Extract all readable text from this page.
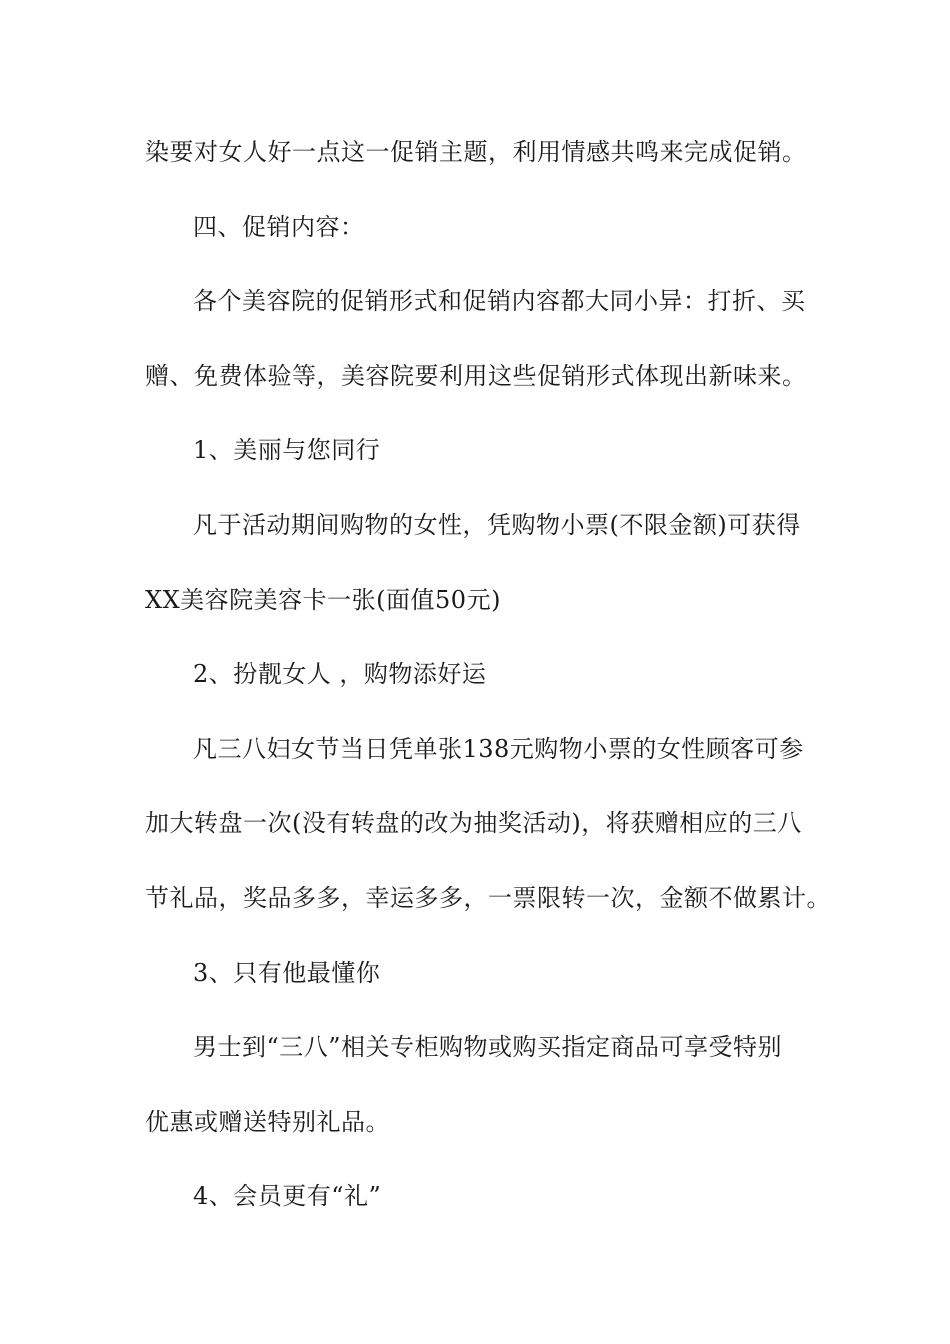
染要对女人好一点这一促销主题，利用情感共鸣来完成促销。

四、促销内容：

各个美容院的促销形式和促销内容都大同小异：打折、买

赠、免费体验等，美容院要利用这些促销形式体现出新味来。

1、美丽与您同行

凡于活动期间购物的女性，凭购物小票(不限金额)可获得

XX美容院美容卡一张(面值50元)

2、扮靓女人 ，购物添好运

凡三八妇女节当日凭单张138元购物小票的女性顾客可参

加大转盘一次(没有转盘的改为抽奖活动)，将获赠相应的三八

节礼品，奖品多多，幸运多多，一票限转一次，金额不做累计。

3、只有他最懂你

男士到“三八”相关专柜购物或购买指定商品可享受特别

优惠或赠送特别礼品。

4、会员更有“礼”
